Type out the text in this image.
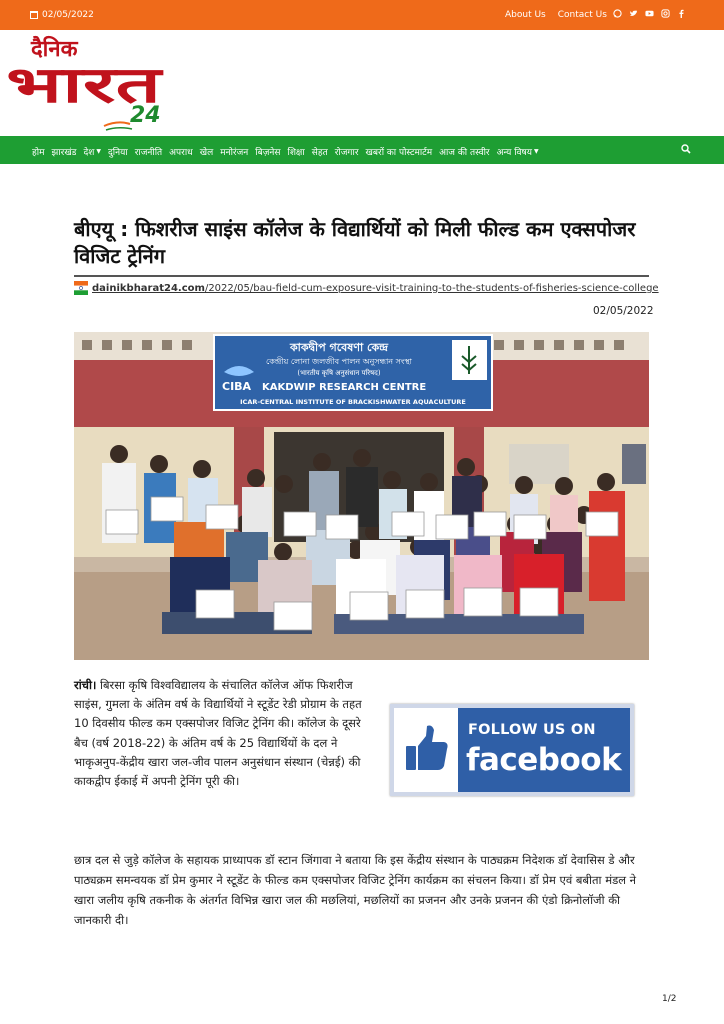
02/05/2022	About Us Contact Us
दैनिक
भारत
24
होम झारखंड देश ▼ दुनिया राजनीति अपराध खेल मनोरंजन बिज़नेस शिक्षा सेहत रोजगार खबरों का पोस्टमार्टम आज की तस्वीर अन्य विषय ▼
बीएयू : फिशरीज साइंस कॉलेज के विद्यार्थियों को मिली फील्ड कम एक्सपोजर विजिट ट्रेनिंग
dainikbharat24.com/2022/05/bau-field-cum-exposure-visit-training-to-the-students-of-fisheries-science-college
02/05/2022
কাকদ্বীপ গবেষণা কেন্দ্র
কেন্দ্রীয় লোনা জলজীব পালন অনুসন্ধান সংস্থা
(भारतीय कृषि अनुसंधान परिषद)
CIBA KAKDWIP RESEARCH CENTRE
ICAR-CENTRAL INSTITUTE OF BRACKISHWATER AQUACULTURE

रांची। बिरसा कृषि विश्वविद्यालय के संचालित कॉलेज ऑफ फिशरीज साइंस, गुमला के अंतिम वर्ष के विद्यार्थियों ने स्टूडेंट रेडी प्रोग्राम के तहत 10 दिवसीय फील्ड कम एक्सपोजर विजिट ट्रेनिंग की। कॉलेज के दूसरे बैच (वर्ष 2018-22) के अंतिम वर्ष के 25 विद्यार्थियों के दल ने भाकृअनुप-केंद्रीय खारा जल-जीव पालन अनुसंधान संस्थान (चेन्नई) की काकद्वीप ईकाई में अपनी ट्रेनिंग पूरी की।

FOLLOW US ON
facebook

छात्र दल से जुड़े कॉलेज के सहायक प्राध्यापक डॉ स्टान जिंगावा ने बताया कि इस केंद्रीय संस्थान के पाठ्यक्रम निदेशक डॉ देवासिस डे और पाठ्यक्रम समन्वयक डॉ प्रेम कुमार ने स्टूडेंट के फील्ड कम एक्सपोजर विजिट ट्रेनिंग कार्यक्रम का संचलन किया। डॉ प्रेम एवं बबीता मंडल ने खारा जलीय कृषि तकनीक के अंतर्गत विभिन्न खारा जल की मछलियां, मछलियों का प्रजनन और उनके प्रजनन की एंडो क्रिनोलॉजी की जानकारी दी।

1/2
